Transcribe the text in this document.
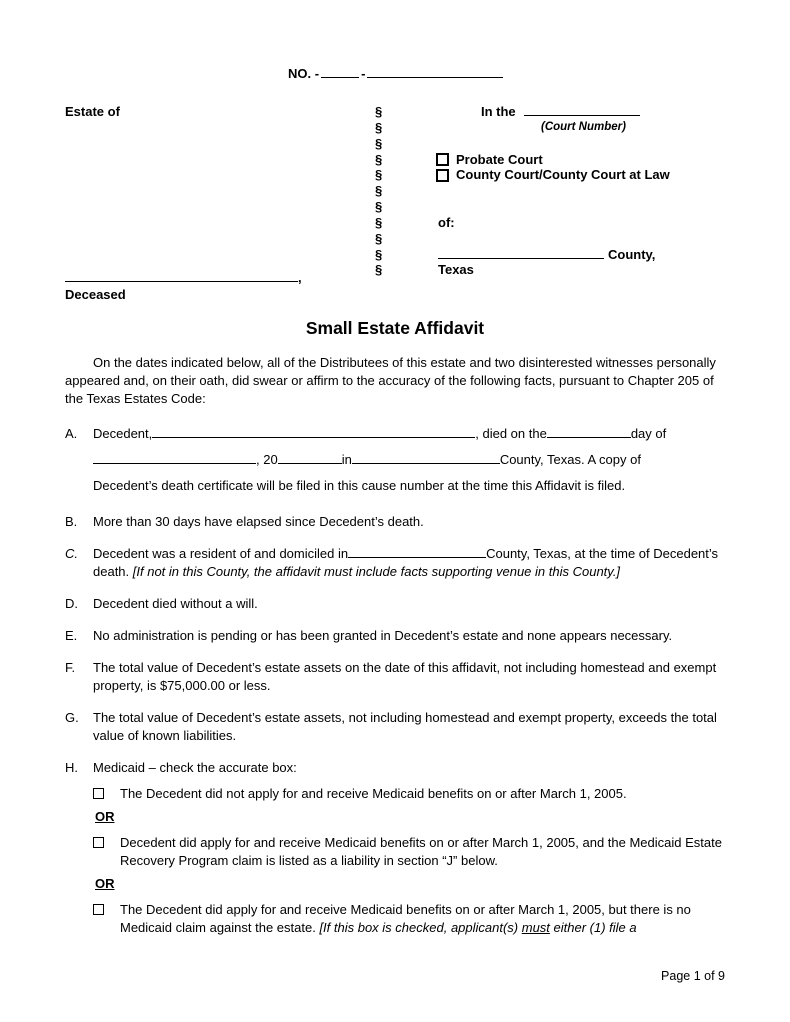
NO. -	-
Estate of
,
Deceased
§
§
§
§
§
§
§
§
§
§
§
In the
(Court Number)
Probate Court
County Court/County Court at Law
of:
County,
Texas
Small Estate Affidavit

On the dates indicated below, all of the Distributees of this estate and two disinterested witnesses personally appeared and, on their oath, did swear or affirm to the accuracy of the following facts, pursuant to Chapter 205 of the Texas Estates Code:

A.	Decedent,	, died on the	day of
, 20	in	County, Texas. A copy of
Decedent’s death certificate will be filed in this cause number at the time this Affidavit is filed.
B.	More than 30 days have elapsed since Decedent’s death.
C.	Decedent was a resident of and domiciled in	County, Texas, at the time of Decedent’s death. [If not in this County, the affidavit must include facts supporting venue in this County.]
D.	Decedent died without a will.
E.	No administration is pending or has been granted in Decedent’s estate and none appears necessary.
F.	The total value of Decedent’s estate assets on the date of this affidavit, not including homestead and exempt property, is $75,000.00 or less.
G.	The total value of Decedent’s estate assets, not including homestead and exempt property, exceeds the total value of known liabilities.
H.	Medicaid – check the accurate box:
The Decedent did not apply for and receive Medicaid benefits on or after March 1, 2005.
OR
Decedent did apply for and receive Medicaid benefits on or after March 1, 2005, and the Medicaid Estate Recovery Program claim is listed as a liability in section “J” below.
OR
The Decedent did apply for and receive Medicaid benefits on or after March 1, 2005, but there is no Medicaid claim against the estate. [If this box is checked, applicant(s) must either (1) file a
Page 1 of 9
